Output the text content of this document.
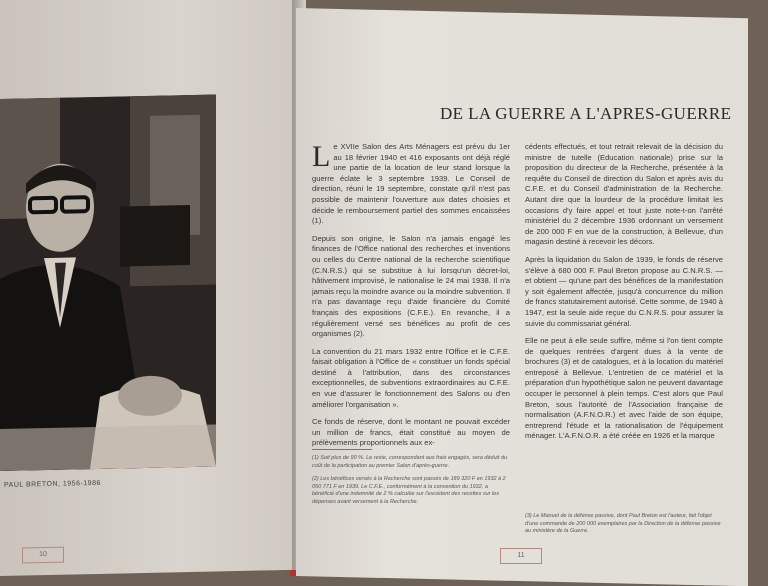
PAUL BRETON, 1956-1986
10
DE LA GUERRE A L'APRES-GUERRE

Le XVIIe Salon des Arts Ménagers est prévu du 1er au 18 février 1940 et 416 exposants ont déjà réglé une partie de la location de leur stand lorsque la guerre éclate le 3 septembre 1939. Le Conseil de direction, réuni le 19 septembre, constate qu'il n'est pas possible de maintenir l'ouverture aux dates choisies et décide le remboursement partiel des sommes encaissées (1).

Depuis son origine, le Salon n'a jamais engagé les finances de l'Office national des recherches et inventions ou celles du Centre national de la recherche scientifique (C.N.R.S.) qui se substitue à lui lorsqu'un décret-loi, hâtivement improvisé, le nationalise le 24 mai 1938. Il n'a jamais reçu la moindre avance ou la moindre subvention. Il n'a pas davantage reçu d'aide financière du Comité français des expositions (C.F.E.). En revanche, il a régulièrement versé ses bénéfices au profit de ces organismes (2).

La convention du 21 mars 1932 entre l'Office et le C.F.E. faisait obligation à l'Office de « constituer un fonds spécial destiné à l'attribution, dans des circonstances exceptionnelles, de subventions extraordinaires au C.F.E. en vue d'assurer le fonctionnement des Salons ou d'en améliorer l'organisation ».

Ce fonds de réserve, dont le montant ne pouvait excéder un million de francs, était constitué au moyen de prélèvements proportionnels aux ex-

(1) Soit plus de 90 %. Le reste, correspondant aux frais engagés, sera déduit du coût de la participation au premier Salon d'après-guerre.

(2) Les bénéfices versés à la Recherche sont passés de 189 320 F en 1932 à 2 050 771 F en 1939. Le C.F.E., conformément à la convention du 1932, a bénéficié d'une indemnité de 2 % calculée sur l'excédent des recettes sur les dépenses avant versement à la Recherche.

cédents effectués, et tout retrait relevait de la décision du ministre de tutelle (Education nationale) prise sur la proposition du directeur de la Recherche, présentée à la requête du Conseil de direction du Salon et après avis du C.F.E. et du Conseil d'administration de la Recherche. Autant dire que la lourdeur de la procédure limitait les occasions d'y faire appel et tout juste note-t-on l'arrêté ministériel du 2 décembre 1936 ordonnant un versement de 200 000 F en vue de la construction, à Bellevue, d'un magasin destiné à recevoir les décors.

Après la liquidation du Salon de 1939, le fonds de réserve s'élève à 680 000 F. Paul Breton propose au C.N.R.S. — et obtient — qu'une part des bénéfices de la manifestation y soit également affectée, jusqu'à concurrence du million de francs statutairement autorisé. Cette somme, de 1940 à 1947, est la seule aide reçue du C.N.R.S. pour assurer la suivie du commissariat général.

Elle ne peut à elle seule suffire, même si l'on tient compte de quelques rentrées d'argent dues à la vente de brochures (3) et de catalogues, et à la location du matériel entreposé à Bellevue. L'entretien de ce matériel et la préparation d'un hypothétique salon ne peuvent davantage occuper le personnel à plein temps. C'est alors que Paul Breton, sous l'autorité de l'Association française de normalisation (A.F.N.O.R.) et avec l'aide de son équipe, entreprend l'étude et la rationalisation de l'équipement ménager. L'A.F.N.O.R. a été créée en 1926 et la marque

(3) Le Manuel de la défense passive, dont Paul Breton est l'auteur, fait l'objet d'une commande de 200 000 exemplaires par la Direction de la défense passive au ministère de la Guerre.
11
